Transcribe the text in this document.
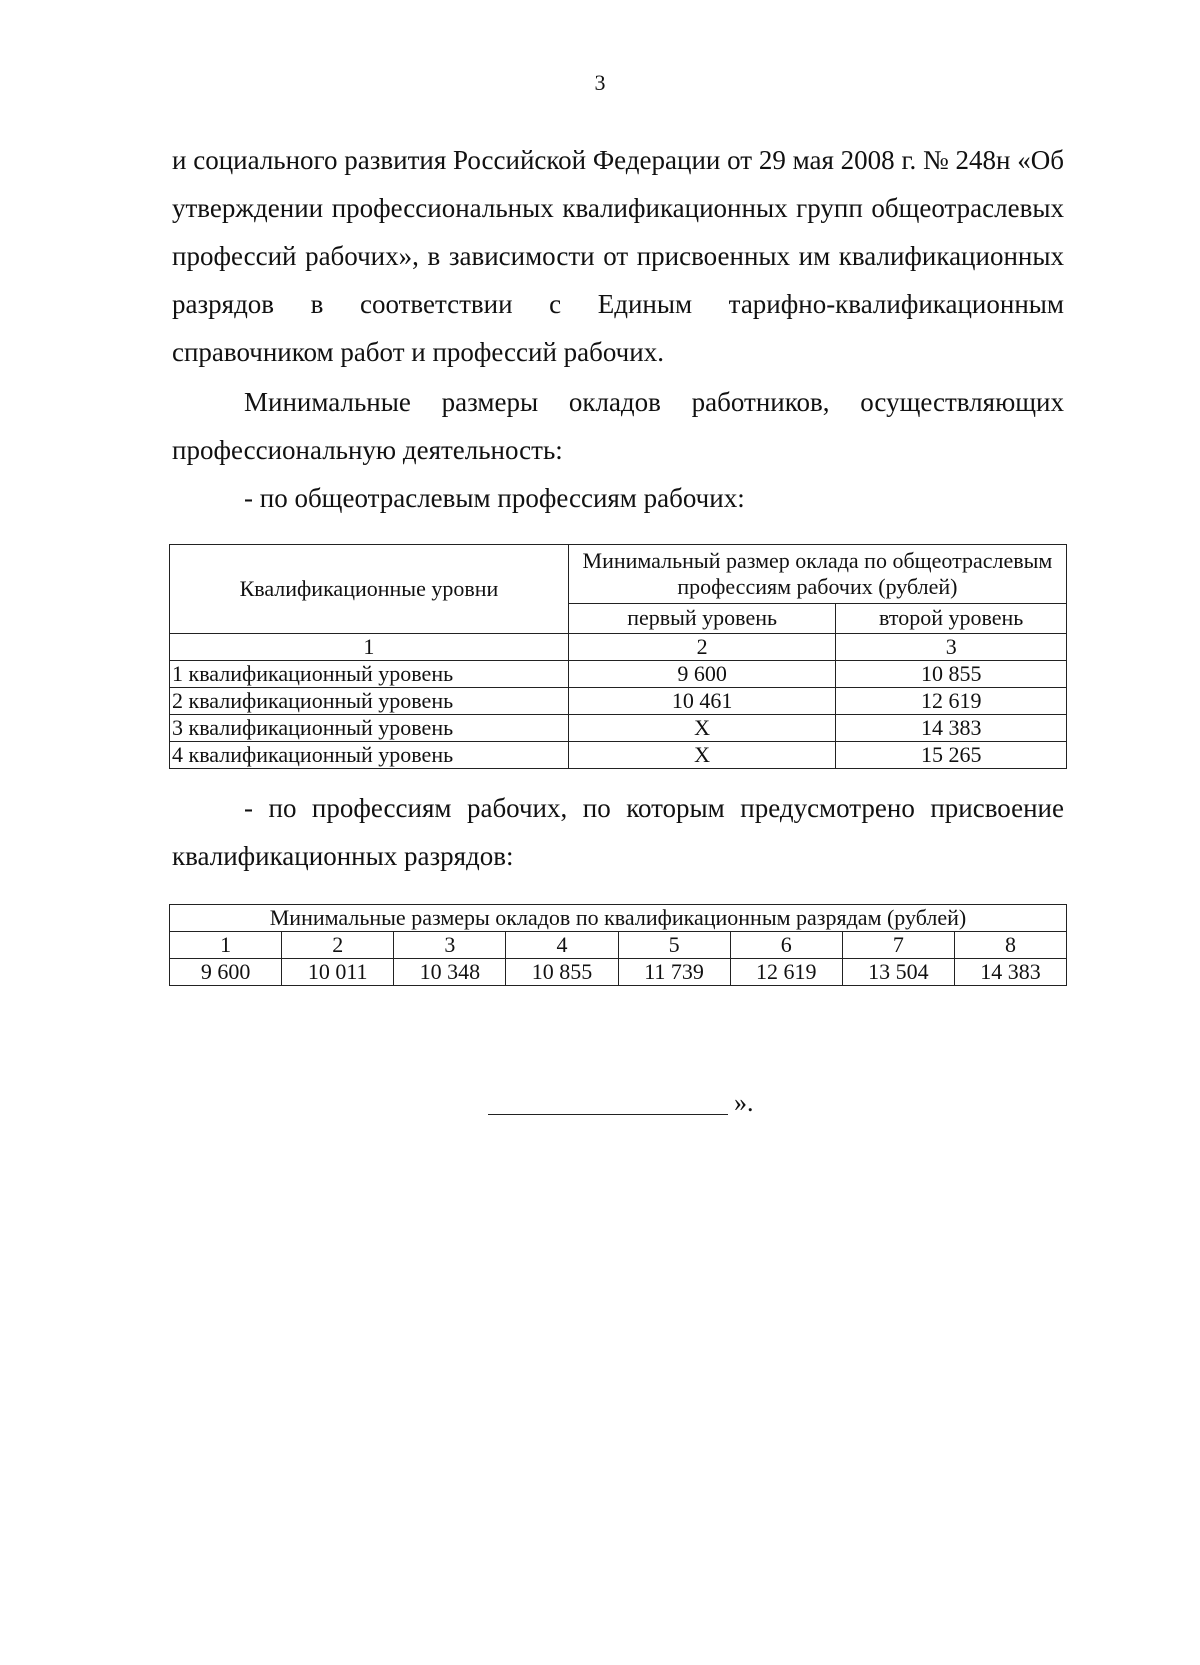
3

и социального развития Российской Федерации от 29 мая 2008 г. № 248н «Об утверждении профессиональных квалификационных групп общеотраслевых профессий рабочих», в зависимости от присвоенных им квалификационных разрядов в соответствии с Единым тарифно-квалификационным справочником работ и профессий рабочих.

Минимальные размеры окладов работников, осуществляющих профессиональную деятельность:

- по общеотраслевым профессиям рабочих:
Квалификационные уровни	Минимальный размер оклада по общеотраслевым профессиям рабочих (рублей)	
	первый уровень	второй уровень
1	2	3
1 квалификационный уровень	9 600	10 855
2 квалификационный уровень	10 461	12 619
3 квалификационный уровень	X	14 383
4 квалификационный уровень	X	15 265

- по профессиям рабочих, по которым предусмотрено присвоение квалификационных разрядов:

Минимальные размеры окладов по квалификационным разрядам (рублей)							
1	2	3	4	5	6	7	8
9 600	10 011	10 348	10 855	11 739	12 619	13 504	14 383
».
